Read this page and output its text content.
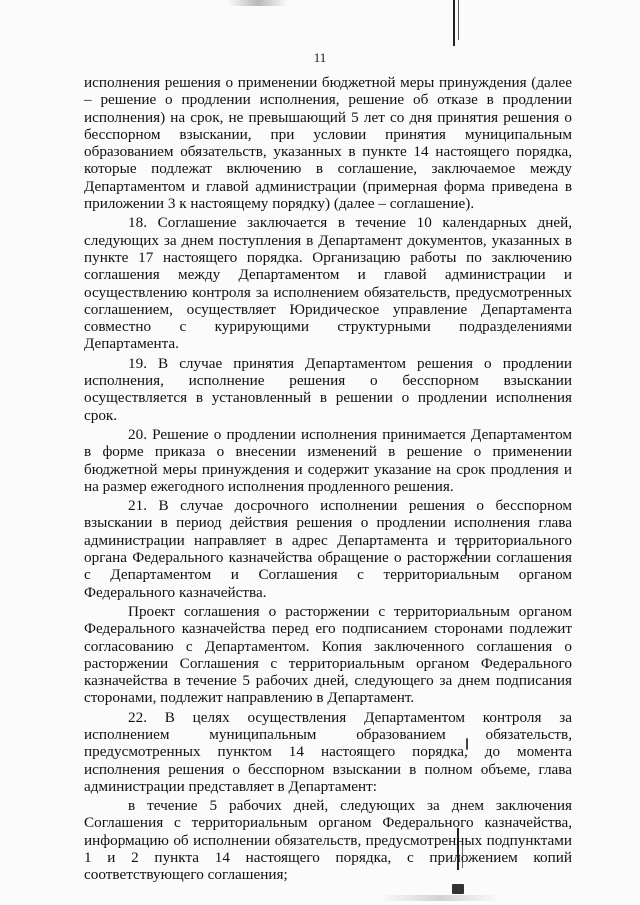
11

исполнения решения о применении бюджетной меры принуждения (далее – решение о продлении исполнения, решение об отказе в продлении исполнения) на срок, не превышающий 5 лет со дня принятия решения о бесспорном взыскании, при условии принятия муниципальным образованием обязательств, указанных в пункте 14 настоящего порядка, которые подлежат включению в соглашение, заключаемое между Департаментом и главой администрации (примерная форма приведена в приложении 3 к настоящему порядку) (далее – соглашение).

18. Соглашение заключается в течение 10 календарных дней, следующих за днем поступления в Департамент документов, указанных в пункте 17 настоящего порядка. Организацию работы по заключению соглашения между Департаментом и главой администрации и осуществлению контроля за исполнением обязательств, предусмотренных соглашением, осуществляет Юридическое управление Департамента совместно с курирующими структурными подразделениями Департамента.

19. В случае принятия Департаментом решения о продлении исполнения, исполнение решения о бесспорном взыскании осуществляется в установленный в решении о продлении исполнения срок.

20. Решение о продлении исполнения принимается Департаментом в форме приказа о внесении изменений в решение о применении бюджетной меры принуждения и содержит указание на срок продления и на размер ежегодного исполнения продленного решения.

21. В случае досрочного исполнении решения о бесспорном взыскании в период действия решения о продлении исполнения глава администрации направляет в адрес Департамента и территориального органа Федерального казначейства обращение о расторжении соглашения с Департаментом и Соглашения с территориальным органом Федерального казначейства.

Проект соглашения о расторжении с территориальным органом Федерального казначейства перед его подписанием сторонами подлежит согласованию с Департаментом. Копия заключенного соглашения о расторжении Соглашения с территориальным органом Федерального казначейства в течение 5 рабочих дней, следующего за днем подписания сторонами, подлежит направлению в Департамент.

22. В целях осуществления Департаментом контроля за исполнением муниципальным образованием обязательств, предусмотренных пунктом 14 настоящего порядка, до момента исполнения решения о бесспорном взыскании в полном объеме, глава администрации представляет в Департамент:

в течение 5 рабочих дней, следующих за днем заключения Соглашения с территориальным органом Федерального казначейства, информацию об исполнении обязательств, предусмотренных подпунктами 1 и 2 пункта 14 настоящего порядка, с приложением копий соответствующего соглашения;
